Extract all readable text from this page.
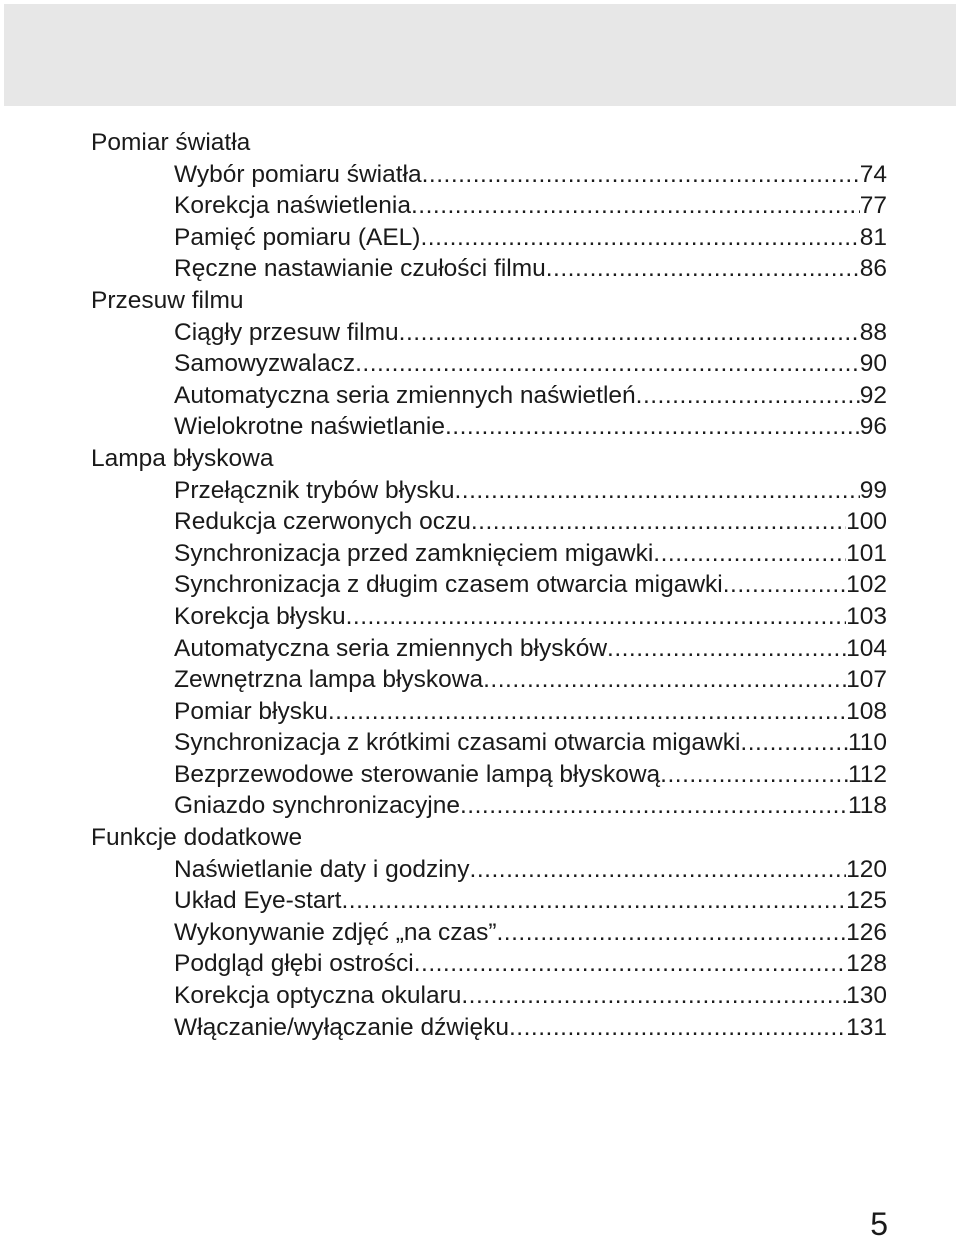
Pomiar światła
Wybór pomiaru światła .....	74
Korekcja naświetlenia .....	77
Pamięć pomiaru (AEL) .....	81
Ręczne nastawianie czułości filmu .....	86
Przesuw filmu
Ciągły przesuw filmu .....	88
Samowyzwalacz .....	90
Automatyczna seria zmiennych naświetleń .....	92
Wielokrotne naświetlanie .....	96
Lampa błyskowa
Przełącznik trybów błysku .....	99
Redukcja czerwonych oczu .....	100
Synchronizacja przed zamknięciem migawki .....	101
Synchronizacja z długim czasem otwarcia migawki .....	102
Korekcja błysku .....	103
Automatyczna seria zmiennych błysków .....	104
Zewnętrzna lampa błyskowa .....	107
Pomiar błysku .....	108
Synchronizacja z krótkimi czasami otwarcia migawki .....	110
Bezprzewodowe sterowanie lampą błyskową .....	112
Gniazdo synchronizacyjne .....	118
Funkcje dodatkowe
Naświetlanie daty i godziny .....	120
Układ Eye-start .....	125
Wykonywanie zdjęć „na czas” .....	126
Podgląd głębi ostrości .....	128
Korekcja optyczna okularu .....	130
Włączanie/wyłączanie dźwięku .....	131
5
